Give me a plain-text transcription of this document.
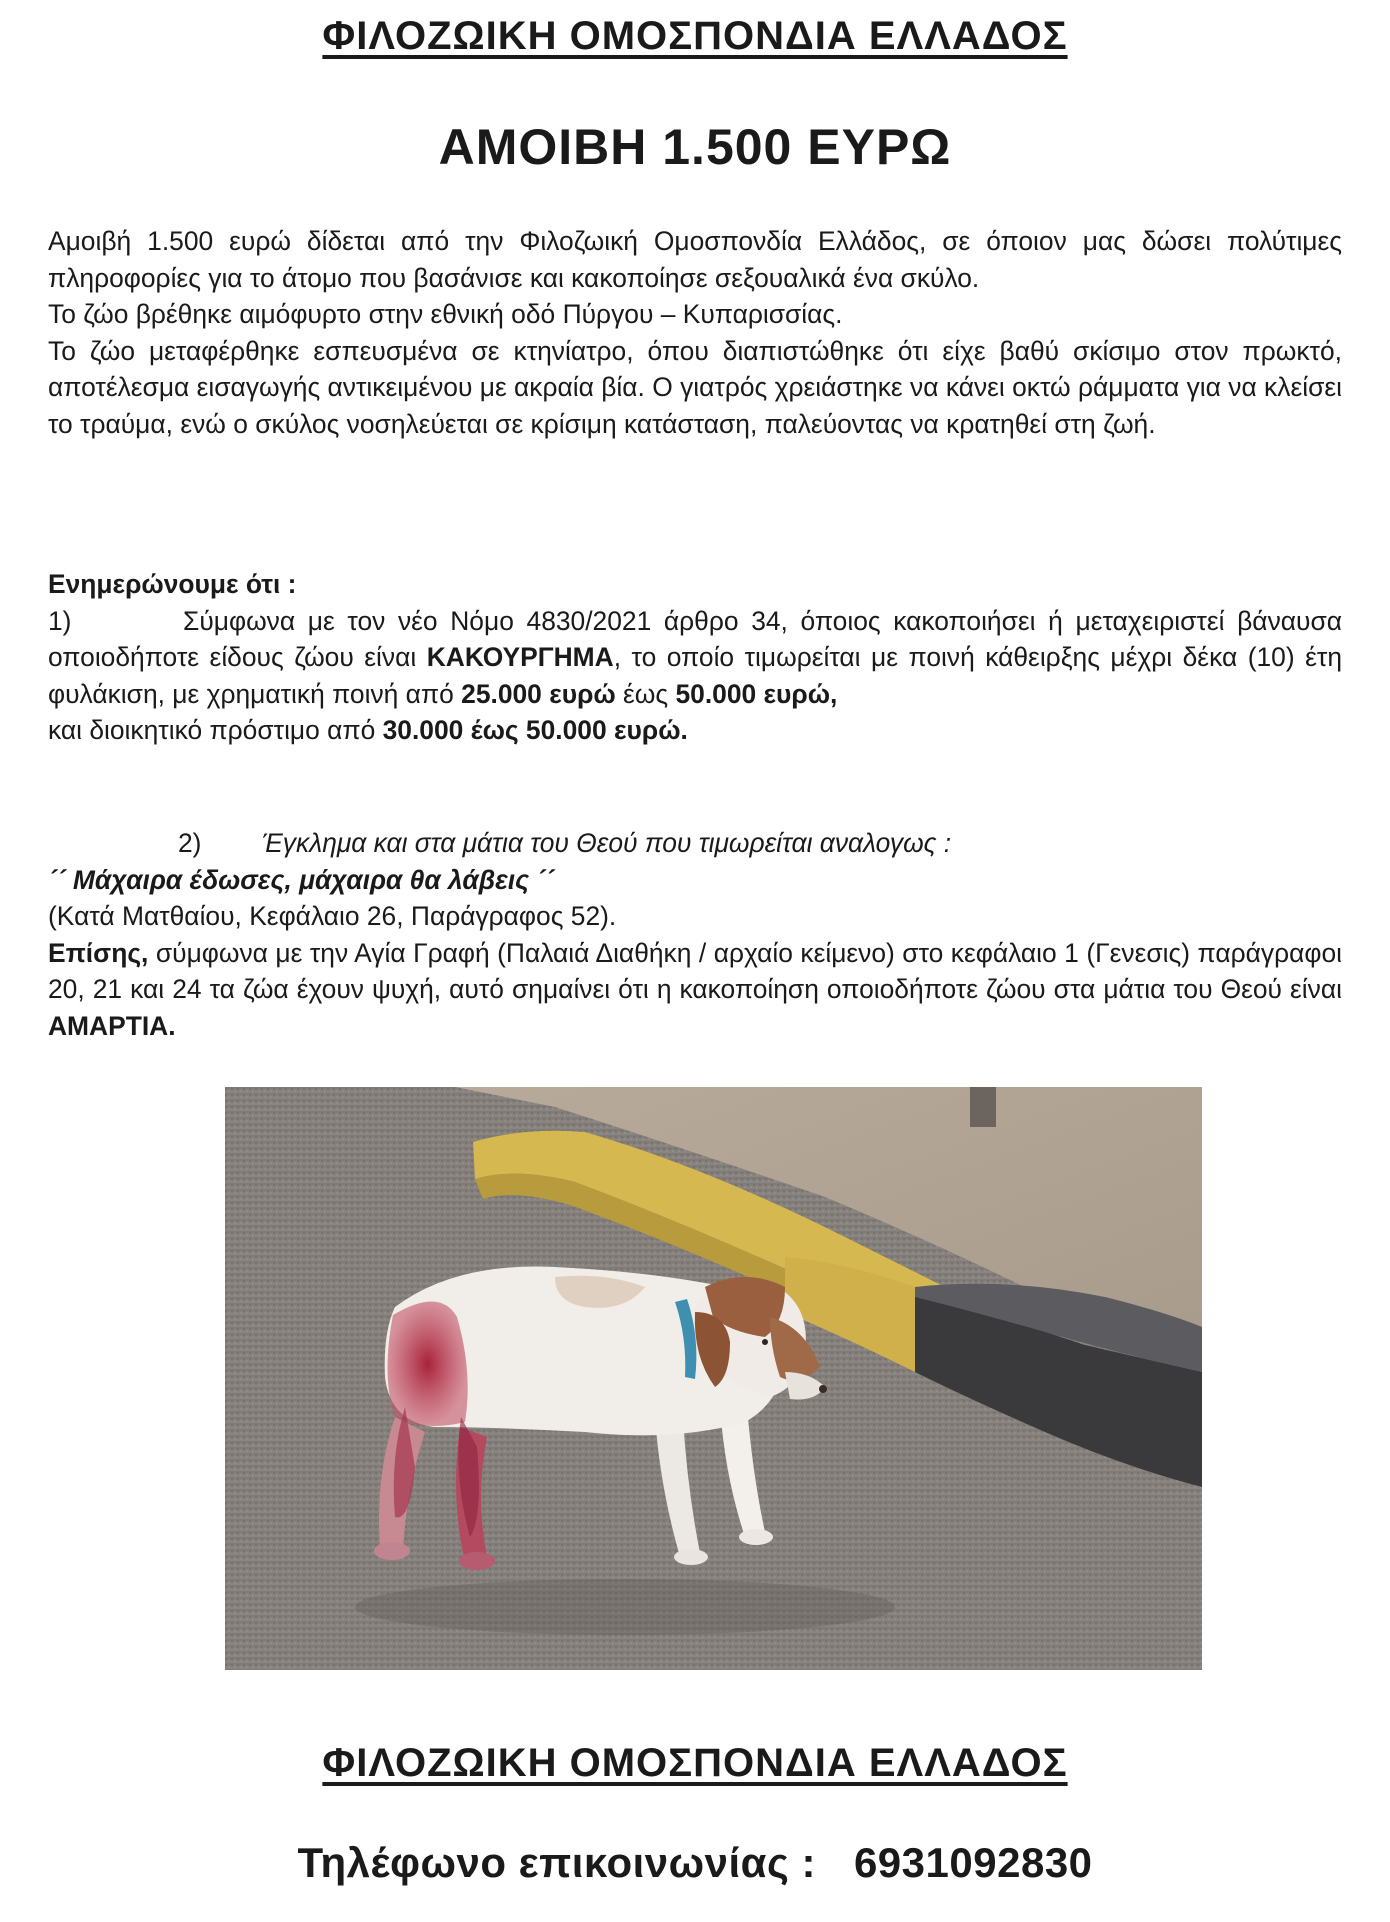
ΦΙΛΟΖΩΙΚΗ ΟΜΟΣΠΟΝΔΙΑ ΕΛΛΑΔΟΣ
ΑΜΟΙΒΗ 1.500 ΕΥΡΩ
Αμοιβή 1.500 ευρώ δίδεται από την Φιλοζωική Ομοσπονδία Ελλάδος, σε όποιον μας δώσει πολύτιμες πληροφορίες για το άτομο που βασάνισε και κακοποίησε σεξουαλικά ένα σκύλο.
Το ζώο βρέθηκε αιμόφυρτο στην εθνική οδό Πύργου – Κυπαρισσίας.
Το ζώο μεταφέρθηκε εσπευσμένα σε κτηνίατρο, όπου διαπιστώθηκε ότι είχε βαθύ σκίσιμο στον πρωκτό, αποτέλεσμα εισαγωγής αντικειμένου με ακραία βία. Ο γιατρός χρειάστηκε να κάνει οκτώ ράμματα για να κλείσει το τραύμα, ενώ ο σκύλος νοσηλεύεται σε κρίσιμη κατάσταση, παλεύοντας να κρατηθεί στη ζωή.
Ενημερώνουμε ότι :
1)	Σύμφωνα με τον νέο Νόμο 4830/2021 άρθρο 34, όποιος κακοποιήσει ή μεταχειριστεί βάναυσα οποιοδήποτε είδους ζώου είναι ΚΑΚΟΥΡΓΗΜΑ, το οποίο τιμωρείται με ποινή κάθειρξης μέχρι δέκα (10) έτη φυλάκιση, με χρηματική ποινή από 25.000 ευρώ έως 50.000 ευρώ,
και διοικητικό πρόστιμο από 30.000 έως 50.000 ευρώ.
2) Έγκλημα και στα μάτια του Θεού που τιμωρείται αναλογως :
´´ Μάχαιρα έδωσες, μάχαιρα θα λάβεις ´´
(Κατά Ματθαίου, Κεφάλαιο 26, Παράγραφος 52).
Επίσης, σύμφωνα με την Αγία Γραφή (Παλαιά Διαθήκη / αρχαίο κείμενο) στο κεφάλαιο 1 (Γενεσις) παράγραφοι 20, 21 και 24 τα ζώα έχουν ψυχή, αυτό σημαίνει ότι η κακοποίηση οποιοδήποτε ζώου στα μάτια του Θεού είναι ΑΜΑΡΤΙΑ.
ΦΙΛΟΖΩΙΚΗ ΟΜΟΣΠΟΝΔΙΑ ΕΛΛΑΔΟΣ
Τηλέφωνο επικοινωνίας : 6931092830
